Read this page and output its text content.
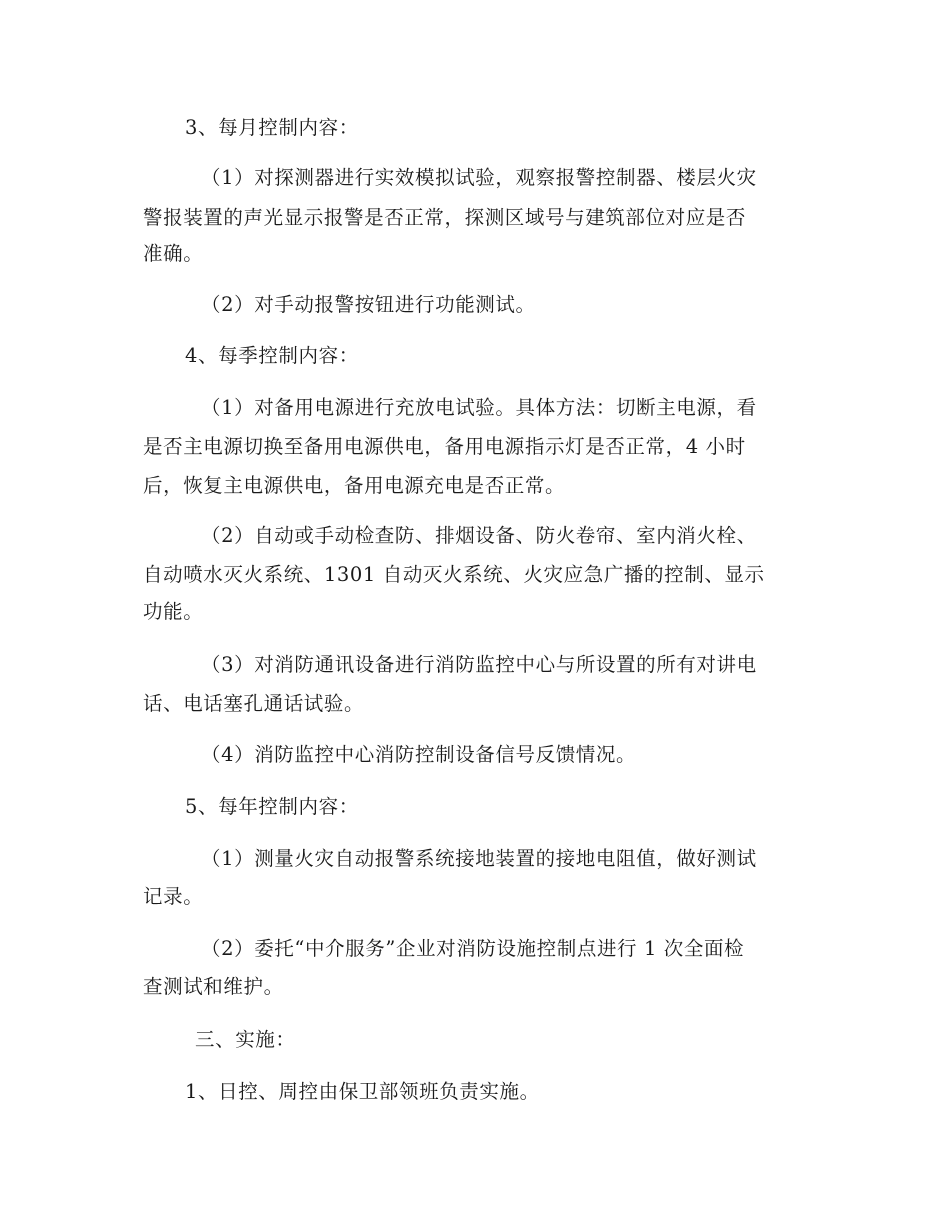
3、每月控制内容：
（1）对探测器进行实效模拟试验，观察报警控制器、楼层火灾
警报装置的声光显示报警是否正常，探测区域号与建筑部位对应是否
准确。
（2）对手动报警按钮进行功能测试。
4、每季控制内容：
（1）对备用电源进行充放电试验。具体方法：切断主电源，看
是否主电源切换至备用电源供电，备用电源指示灯是否正常，4 小时
后，恢复主电源供电，备用电源充电是否正常。
（2）自动或手动检查防、排烟设备、防火卷帘、室内消火栓、
自动喷水灭火系统、1301 自动灭火系统、火灾应急广播的控制、显示
功能。
（3）对消防通讯设备进行消防监控中心与所设置的所有对讲电
话、电话塞孔通话试验。
（4）消防监控中心消防控制设备信号反馈情况。
5、每年控制内容：
（1）测量火灾自动报警系统接地装置的接地电阻值，做好测试
记录。
（2）委托“中介服务”企业对消防设施控制点进行 1 次全面检
查测试和维护。
三、实施：
1、日控、周控由保卫部领班负责实施。
